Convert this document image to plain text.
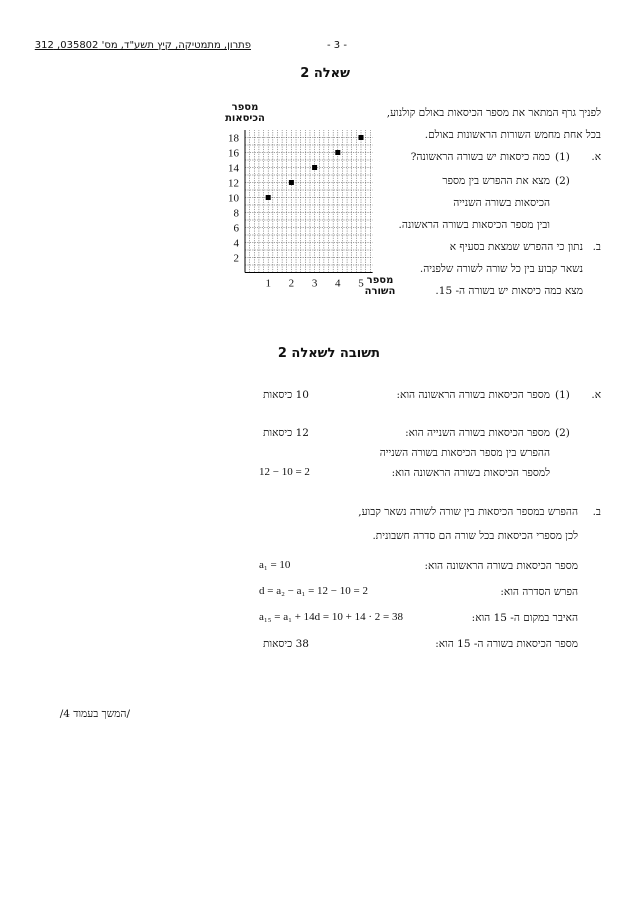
פתרון, מתמטיקה, קיץ תשע"ד, מס' 035802, 312	- 3 -
שאלה 2
לפניך גרף המתאר את מספר הכיסאות באולם קולנוע,
בכל אחת מחמש השורות הראשונות באולם.
א.
(1)
כמה כיסאות יש בשורה הראשונה?
(2)
מצא את ההפרש בין מספר
הכיסאות בשורה השנייה
ובין מספר הכיסאות בשורה הראשונה.
ב.
נתון כי ההפרש שמצאת בסעיף א
נשאר קבוע בין כל שורה לשורה שלפניה.
מצא כמה כיסאות יש בשורה ה- 15.
מספר הכיסאות
מספר השורה
2
4
6
8
10
12
14
16
18
1 2 3 4 5
תשובה לשאלה 2
א.
(1)
מספר הכיסאות בשורה הראשונה הוא:
10 כיסאות
(2)
מספר הכיסאות בשורה השנייה הוא:
12 כיסאות
ההפרש בין מספר הכיסאות בשורה השנייה
למספר הכיסאות בשורה הראשונה הוא:
12 − 10 = 2
ב.
ההפרש במספר הכיסאות בין שורה לשורה נשאר קבוע,
לכן מספרי הכיסאות בכל שורה הם סדרה חשבונית.
מספר הכיסאות בשורה הראשונה הוא:
a₁ = 10
הפרש הסדרה הוא:
d = a₂ − a₁ = 12 − 10 = 2
האיבר במקום ה- 15 הוא:
a₁₅ = a₁ + 14d = 10 + 14 · 2 = 38
מספר הכיסאות בשורה ה- 15 הוא:
38 כיסאות
/המשך בעמוד 4/
